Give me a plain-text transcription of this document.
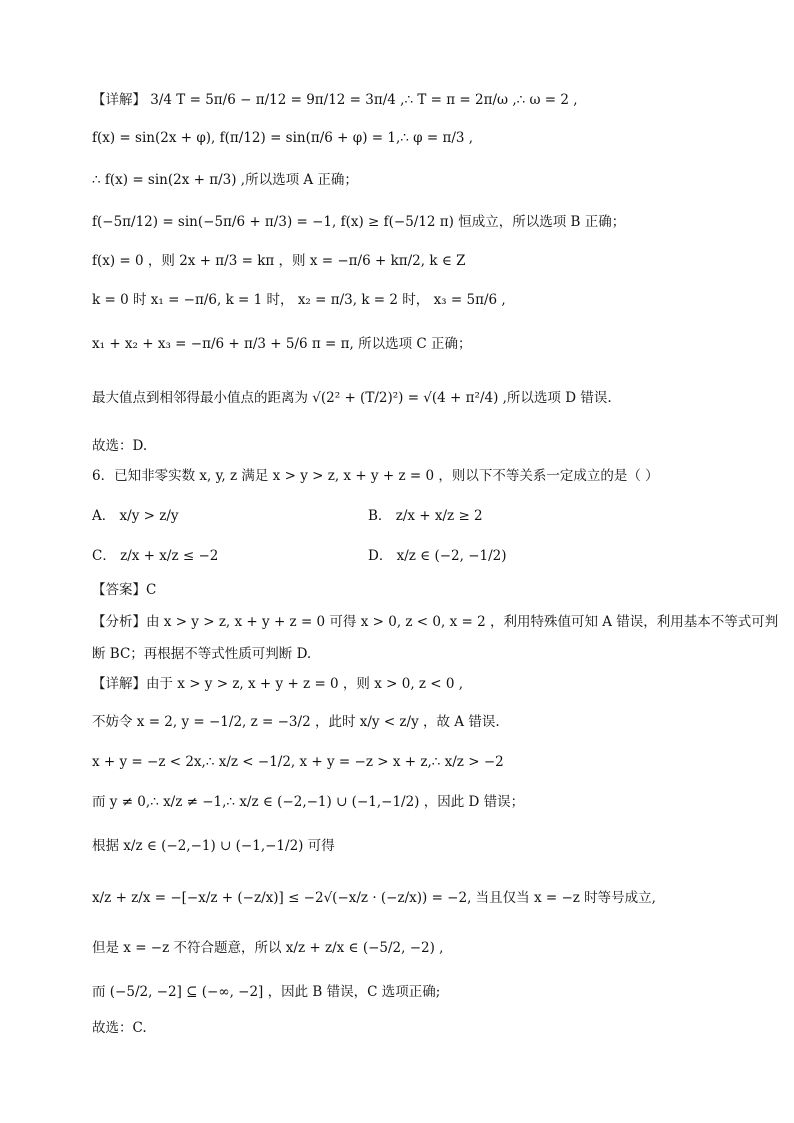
【详解】 3/4 T = 5π/6 − π/12 = 9π/12 = 3π/4 ,∴ T = π = 2π/ω ,∴ ω = 2 ,
f(x) = sin(2x + φ), f(π/12) = sin(π/6 + φ) = 1,∴ φ = π/3 ,
∴ f(x) = sin(2x + π/3) ,所以选项 A 正确；
f(−5π/12) = sin(−5π/6 + π/3) = −1, f(x) ≥ f(−5/12 π) 恒成立，所以选项 B 正确；
f(x) = 0 ，则 2x + π/3 = kπ ，则 x = −π/6 + kπ/2, k ∈ Z
k = 0 时 x₁ = −π/6, k = 1 时， x₂ = π/3, k = 2 时， x₃ = 5π/6 ,
x₁ + x₂ + x₃ = −π/6 + π/3 + 5/6 π = π, 所以选项 C 正确；
最大值点到相邻得最小值点的距离为 √(2² + (T/2)²) = √(4 + π²/4) ,所以选项 D 错误.
故选：D.
6．已知非零实数 x, y, z 满足 x > y > z, x + y + z = 0 ，则以下不等关系一定成立的是（ ）
A． x/y > z/y	B． z/x + x/z ≥ 2
C． z/x + x/z ≤ −2	D． x/z ∈ (−2, −1/2)
【答案】C
【分析】由 x > y > z, x + y + z = 0 可得 x > 0, z < 0, x = 2 ，利用特殊值可知 A 错误，利用基本不等式可判
断 BC；再根据不等式性质可判断 D.
【详解】由于 x > y > z, x + y + z = 0 ，则 x > 0, z < 0 ,
不妨令 x = 2, y = −1/2, z = −3/2 ，此时 x/y < z/y ，故 A 错误.
x + y = −z < 2x,∴ x/z < −1/2, x + y = −z > x + z,∴ x/z > −2
而 y ≠ 0,∴ x/z ≠ −1,∴ x/z ∈ (−2,−1) ∪ (−1,−1/2) ，因此 D 错误；
根据 x/z ∈ (−2,−1) ∪ (−1,−1/2) 可得
x/z + z/x = −[−x/z + (−z/x)] ≤ −2√(−x/z · (−z/x)) = −2, 当且仅当 x = −z 时等号成立,
但是 x = −z 不符合题意，所以 x/z + z/x ∈ (−5/2, −2) ,
而 (−5/2, −2] ⊆ (−∞, −2] ，因此 B 错误，C 选项正确;
故选：C.
